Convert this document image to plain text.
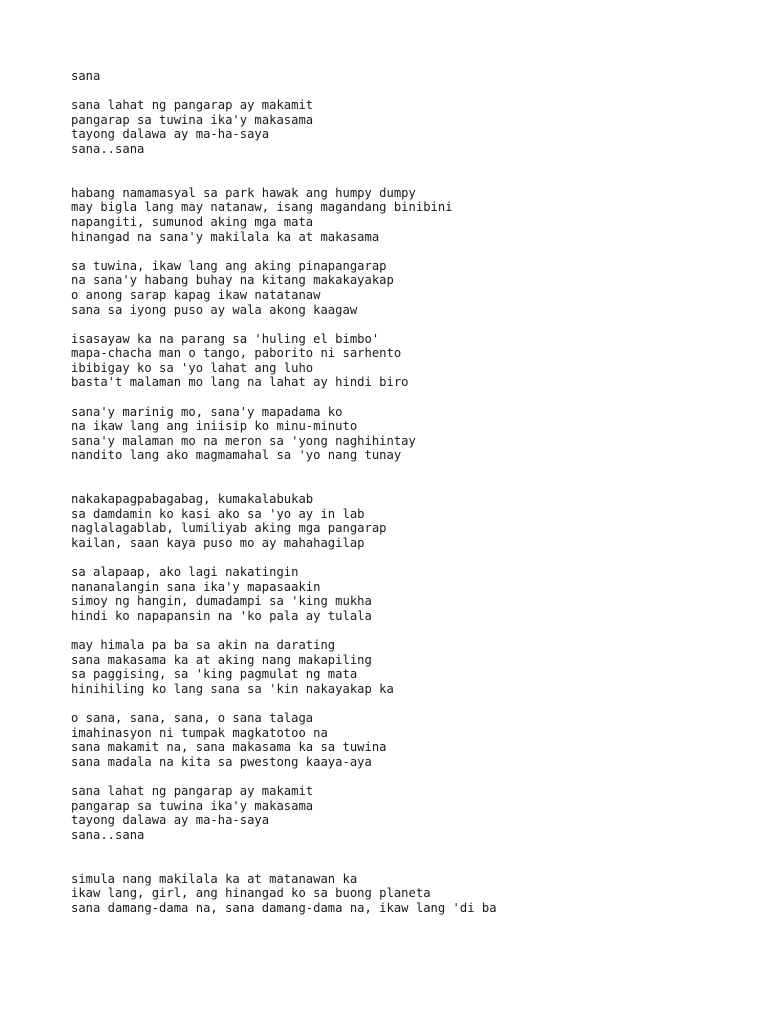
sana
sana lahat ng pangarap ay makamit
pangarap sa tuwina ika'y makasama
tayong dalawa ay ma-ha-saya
sana..sana
habang namamasyal sa park hawak ang humpy dumpy
may bigla lang may natanaw, isang magandang binibini
napangiti, sumunod aking mga mata
hinangad na sana'y makilala ka at makasama
sa tuwina, ikaw lang ang aking pinapangarap
na sana'y habang buhay na kitang makakayakap
o anong sarap kapag ikaw natatanaw
sana sa iyong puso ay wala akong kaagaw
isasayaw ka na parang sa 'huling el bimbo'
mapa-chacha man o tango, paborito ni sarhento
ibibigay ko sa 'yo lahat ang luho
basta't malaman mo lang na lahat ay hindi biro
sana'y marinig mo, sana'y mapadama ko
na ikaw lang ang iniisip ko minu-minuto
sana'y malaman mo na meron sa 'yong naghihintay
nandito lang ako magmamahal sa 'yo nang tunay
nakakapagpabagabag, kumakalabukab
sa damdamin ko kasi ako sa 'yo ay in lab
naglalagablab, lumiliyab aking mga pangarap
kailan, saan kaya puso mo ay mahahagilap
sa alapaap, ako lagi nakatingin
nananalangin sana ika'y mapasaakin
simoy ng hangin, dumadampi sa 'king mukha
hindi ko napapansin na 'ko pala ay tulala
may himala pa ba sa akin na darating
sana makasama ka at aking nang makapiling
sa paggising, sa 'king pagmulat ng mata
hinihiling ko lang sana sa 'kin nakayakap ka
o sana, sana, sana, o sana talaga
imahinasyon ni tumpak magkatotoo na
sana makamit na, sana makasama ka sa tuwina
sana madala na kita sa pwestong kaaya-aya
sana lahat ng pangarap ay makamit
pangarap sa tuwina ika'y makasama
tayong dalawa ay ma-ha-saya
sana..sana
simula nang makilala ka at matanawan ka
ikaw lang, girl, ang hinangad ko sa buong planeta
sana damang-dama na, sana damang-dama na, ikaw lang 'di ba
